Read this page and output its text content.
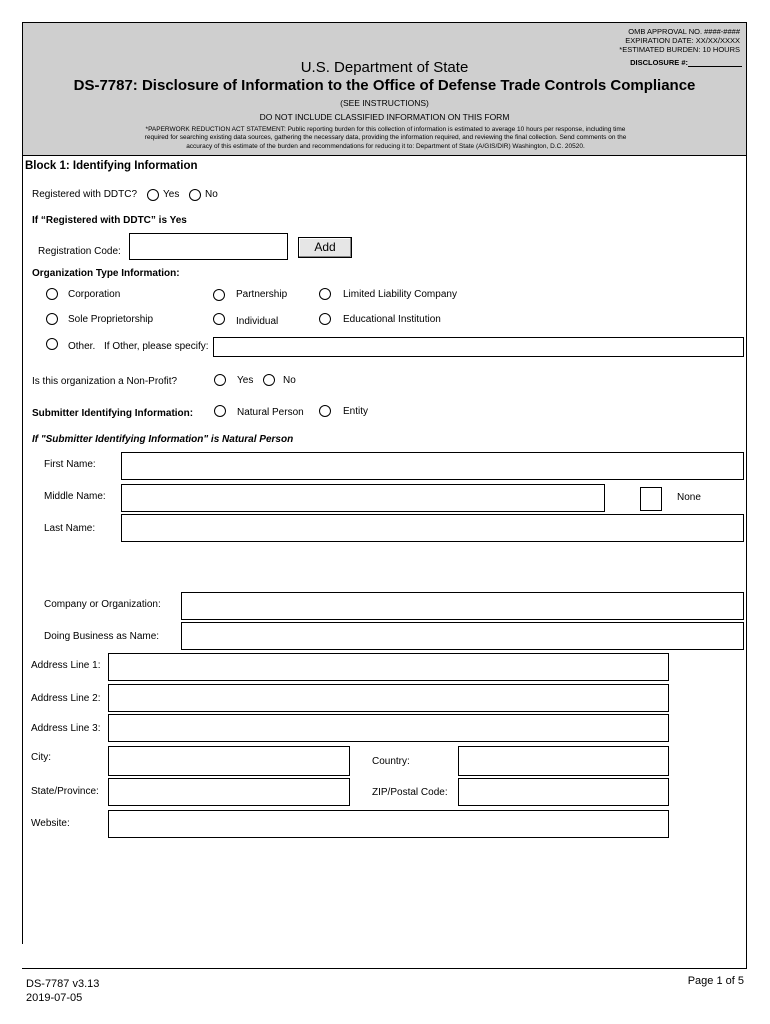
OMB APPROVAL NO. ####-####
EXPIRATION DATE: XX/XX/XXXX
*ESTIMATED BURDEN: 10 HOURS
DISCLOSURE #:
U.S. Department of State
DS-7787: Disclosure of Information to the Office of Defense Trade Controls Compliance
(SEE INSTRUCTIONS)
DO NOT INCLUDE CLASSIFIED INFORMATION ON THIS FORM
*PAPERWORK REDUCTION ACT STATEMENT: Public reporting burden for this collection of information is estimated to average 10 hours per response, including time
required for searching existing data sources, gathering the necessary data, providing the information required, and reviewing the final collection. Send comments on the
accuracy of this estimate of the burden and recommendations for reducing it to: Department of State (A/GIS/DIR) Washington, D.C. 20520.
Block 1: Identifying Information
Registered with DDTC?	Yes	No
If “Registered with DDTC” is Yes
Registration Code:	Add
Organization Type Information:
Corporation	Partnership	Limited Liability Company
Sole Proprietorship	Individual	Educational Institution
Other. If Other, please specify:
Is this organization a Non-Profit?	Yes	No
Submitter Identifying Information:	Natural Person	Entity
If "Submitter Identifying Information" is Natural Person
First Name:
Middle Name:	None
Last Name:
Company or Organization:
Doing Business as Name:
Address Line 1:
Address Line 2:
Address Line 3:
City:	Country:
State/Province:	ZIP/Postal Code:
Website:
DS-7787 v3.13
2019-07-05
Page 1 of 5
